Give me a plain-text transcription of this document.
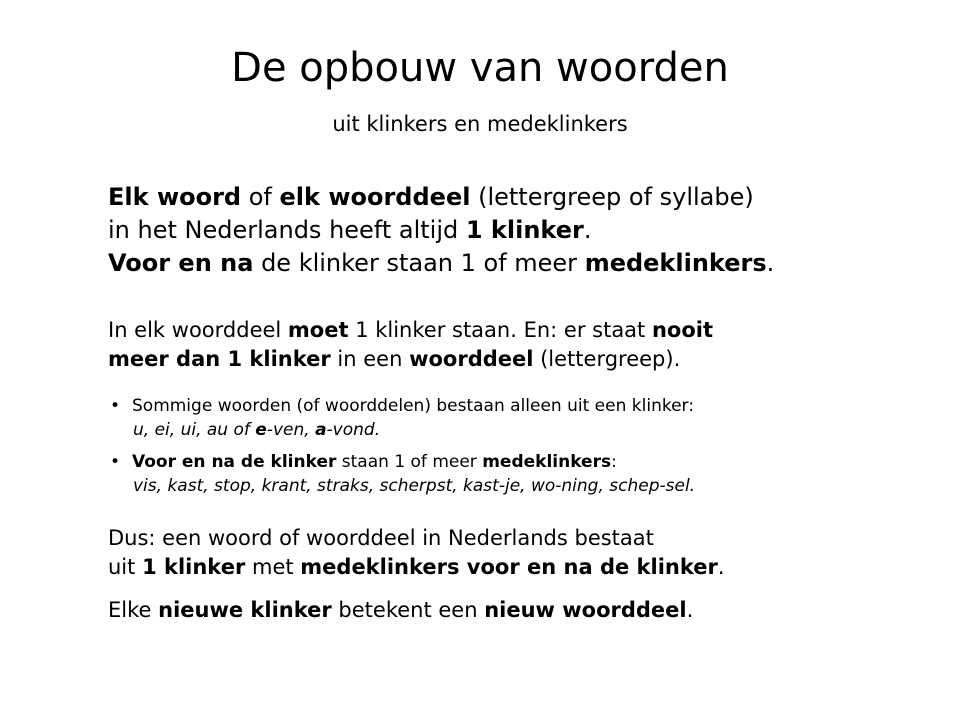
De opbouw van woorden
uit klinkers en medeklinkers
Elk woord of elk woorddeel (lettergreep of syllabe)
in het Nederlands heeft altijd 1 klinker.
Voor en na de klinker staan 1 of meer medeklinkers.
In elk woorddeel moet 1 klinker staan. En: er staat nooit
meer dan 1 klinker in een woorddeel (lettergreep).
• Sommige woorden (of woorddelen) bestaan alleen uit een klinker:
u, ei, ui, au of e-ven, a-vond.
• Voor en na de klinker staan 1 of meer medeklinkers:
vis, kast, stop, krant, straks, scherpst, kast-je, wo-ning, schep-sel.
Dus: een woord of woorddeel in Nederlands bestaat
uit 1 klinker met medeklinkers voor en na de klinker.
Elke nieuwe klinker betekent een nieuw woorddeel.
